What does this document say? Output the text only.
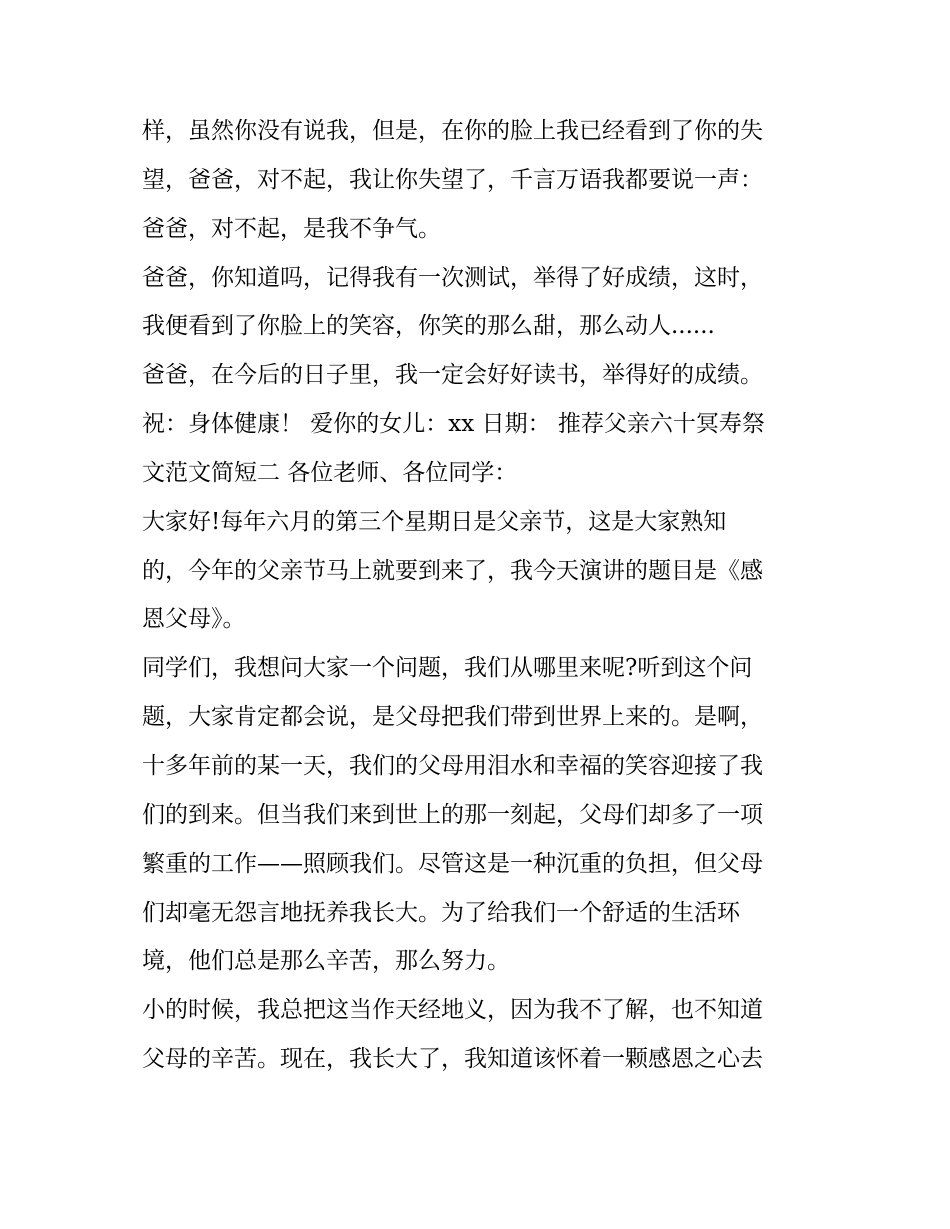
样，虽然你没有说我，但是，在你的脸上我已经看到了你的失
望，爸爸，对不起，我让你失望了，千言万语我都要说一声：
爸爸，对不起，是我不争气。
爸爸，你知道吗，记得我有一次测试，举得了好成绩，这时，
我便看到了你脸上的笑容，你笑的那么甜，那么动人......
爸爸，在今后的日子里，我一定会好好读书，举得好的成绩。
祝：身体健康！ 爱你的女儿：xx 日期： 推荐父亲六十冥寿祭
文范文简短二 各位老师、各位同学：
大家好!每年六月的第三个星期日是父亲节，这是大家熟知
的，今年的父亲节马上就要到来了，我今天演讲的题目是《感
恩父母》。
同学们，我想问大家一个问题，我们从哪里来呢?听到这个问
题，大家肯定都会说，是父母把我们带到世界上来的。是啊，
十多年前的某一天，我们的父母用泪水和幸福的笑容迎接了我
们的到来。但当我们来到世上的那一刻起，父母们却多了一项
繁重的工作——照顾我们。尽管这是一种沉重的负担，但父母
们却毫无怨言地抚养我长大。为了给我们一个舒适的生活环
境，他们总是那么辛苦，那么努力。
小的时候，我总把这当作天经地义，因为我不了解，也不知道
父母的辛苦。现在，我长大了，我知道该怀着一颗感恩之心去
